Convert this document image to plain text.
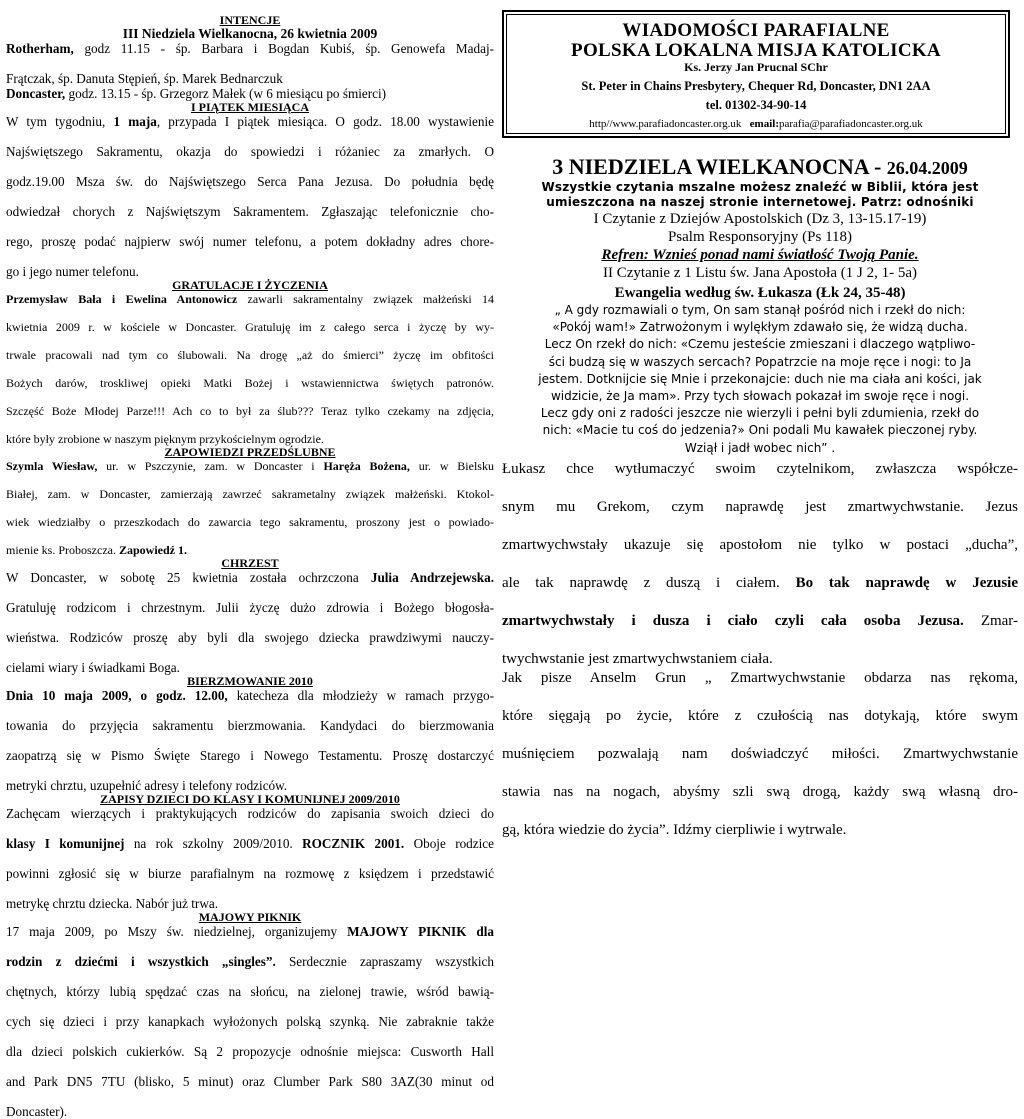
INTENCJE

III Niedziela Wielkanocna, 26 kwietnia 2009

Rotherham, godz 11.15 - śp. Barbara i Bogdan Kubiś, śp. Genowefa Madaj-

Frątczak, śp. Danuta Stępień, śp. Marek Bednarczuk

Doncaster, godz. 13.15 - śp. Grzegorz Małek (w 6 miesiącu po śmierci)

I PIĄTEK MIESIĄCA

W tym tygodniu, 1 maja, przypada I piątek miesiąca. O godz. 18.00 wystawienie

Najświętszego Sakramentu, okazja do spowiedzi i różaniec za zmarłych. O

godz.19.00 Msza św. do Najświętszego Serca Pana Jezusa. Do południa będę

odwiedzał chorych z Najświętszym Sakramentem. Zgłaszając telefonicznie cho-

rego, proszę podać najpierw swój numer telefonu, a potem dokładny adres chore-

go i jego numer telefonu.

GRATULACJE I ŻYCZENIA

Przemysław Bała i Ewelina Antonowicz zawarli sakramentalny związek małżeński 14

kwietnia 2009 r. w kościele w Doncaster. Gratuluję im z całego serca i życzę by wy-

trwale pracowali nad tym co ślubowali. Na drogę „aż do śmierci” życzę im obfitości

Bożych darów, troskliwej opieki Matki Bożej i wstawiennictwa świętych patronów.

Szczęść Boże Młodej Parze!!! Ach co to był za ślub??? Teraz tylko czekamy na zdjęcia,

które były zrobione w naszym pięknym przykościelnym ogrodzie.

ZAPOWIEDZI PRZEDŚLUBNE

Szymla Wiesław, ur. w Pszczynie, zam. w Doncaster i Haręża Bożena, ur. w Bielsku

Białej, zam. w Doncaster, zamierzają zawrzeć sakrametalny związek małżeński. Ktokol-

wiek wiedziałby o przeszkodach do zawarcia tego sakramentu, proszony jest o powiado-

mienie ks. Proboszcza. Zapowiedź 1.

CHRZEST

W Doncaster, w sobotę 25 kwietnia została ochrzczona Julia Andrzejewska.

Gratuluję rodzicom i chrzestnym. Julii życzę dużo zdrowia i Bożego błogosła-

wieństwa. Rodziców proszę aby byli dla swojego dziecka prawdziwymi nauczy-

cielami wiary i świadkami Boga.

BIERZMOWANIE 2010

Dnia 10 maja 2009, o godz. 12.00, katecheza dla młodzieży w ramach przygo-

towania do przyjęcia sakramentu bierzmowania. Kandydaci do bierzmowania

zaopatrzą się w Pismo Święte Starego i Nowego Testamentu. Proszę dostarczyć

metryki chrztu, uzupełnić adresy i telefony rodziców.

ZAPISY DZIECI DO KLASY I KOMUNIJNEJ 2009/2010

Zachęcam wierzących i praktykujących rodziców do zapisania swoich dzieci do

klasy I komunijnej na rok szkolny 2009/2010. ROCZNIK 2001. Oboje rodzice

powinni zgłosić się w biurze parafialnym na rozmowę z księdzem i przedstawić

metrykę chrztu dziecka. Nabór już trwa.

MAJOWY PIKNIK

17 maja 2009, po Mszy św. niedzielnej, organizujemy MAJOWY PIKNIK dla

rodzin z dziećmi i wszystkich „singles”. Serdecznie zapraszamy wszystkich

chętnych, którzy lubią spędzać czas na słońcu, na zielonej trawie, wśród bawią-

cych się dzieci i przy kanapkach wyłożonych polską szynką. Nie zabraknie także

dla dzieci polskich cukierków. Są 2 propozycje odnośnie miejsca: Cusworth Hall

and Park DN5 7TU (blisko, 5 minut) oraz Clumber Park S80 3AZ(30 minut od

Doncaster).

WIADOMOŚCI PARAFIALNE
POLSKA LOKALNA MISJA KATOLICKA
Ks. Jerzy Jan Prucnal SChr
St. Peter in Chains Presbytery, Chequer Rd, Doncaster, DN1 2AA
tel. 01302-34-90-14
http//www.parafiadoncaster.org.uk email:parafia@parafiadoncaster.org.uk

3 NIEDZIELA WIELKANOCNA - 26.04.2009

Wszystkie czytania mszalne możesz znaleźć w Biblii, która jest

umieszczona na naszej stronie internetowej. Patrz: odnośniki

I Czytanie z Dziejów Apostolskich (Dz 3, 13-15.17-19)

Psalm Responsoryjny (Ps 118)

Refren: Wznieś ponad nami światłość Twoją Panie.

II Czytanie z 1 Listu św. Jana Apostoła (1 J 2, 1- 5a)

Ewangelia według św. Łukasza (Łk 24, 35-48)

„ A gdy rozmawiali o tym, On sam stanął pośród nich i rzekł do nich:

«Pokój wam!» Zatrwożonym i wylękłym zdawało się, że widzą ducha.

Lecz On rzekł do nich: «Czemu jesteście zmieszani i dlaczego wątpliwo-

ści budzą się w waszych sercach? Popatrzcie na moje ręce i nogi: to Ja

jestem. Dotknijcie się Mnie i przekonajcie: duch nie ma ciała ani kości, jak

widzicie, że Ja mam». Przy tych słowach pokazał im swoje ręce i nogi.

Lecz gdy oni z radości jeszcze nie wierzyli i pełni byli zdumienia, rzekł do

nich: «Macie tu coś do jedzenia?» Oni podali Mu kawałek pieczonej ryby.

Wziął i jadł wobec nich” .

Łukasz chce wytłumaczyć swoim czytelnikom, zwłaszcza współcze-

snym mu Grekom, czym naprawdę jest zmartwychwstanie. Jezus

zmartwychwstały ukazuje się apostołom nie tylko w postaci „ducha”,

ale tak naprawdę z duszą i ciałem. Bo tak naprawdę w Jezusie

zmartwychwstały i dusza i ciało czyli cała osoba Jezusa. Zmar-

twychwstanie jest zmartwychwstaniem ciała.

Jak pisze Anselm Grun „ Zmartwychwstanie obdarza nas rękoma,

które sięgają po życie, które z czułością nas dotykają, które swym

muśnięciem pozwalają nam doświadczyć miłości. Zmartwychwstanie

stawia nas na nogach, abyśmy szli swą drogą, każdy swą własną dro-

gą, która wiedzie do życia”. Idźmy cierpliwie i wytrwale.
